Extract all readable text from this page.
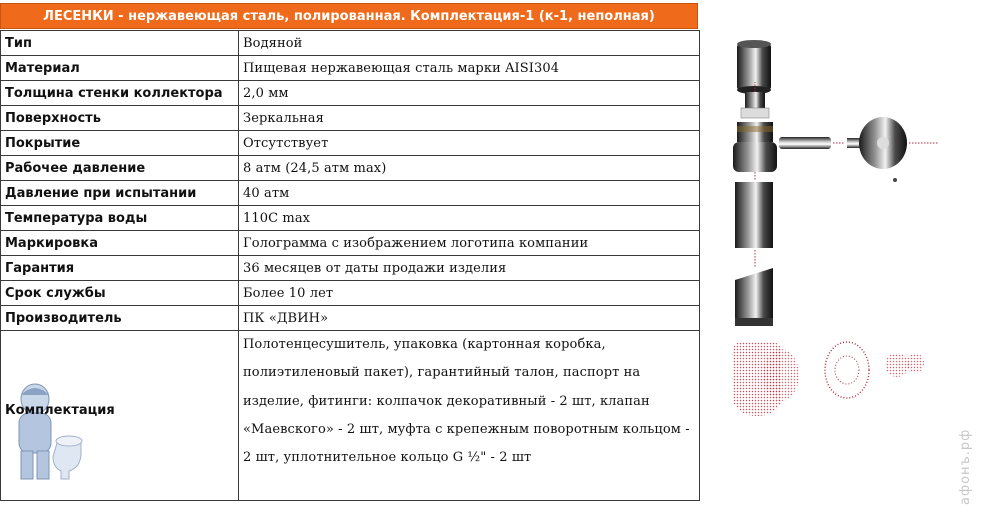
ЛЕСЕНКИ - нержавеющая сталь, полированная. Комплектация-1 (к-1, неполная)
Тип	Водяной
Материал	Пищевая нержавеющая сталь марки AISI304
Толщина стенки коллектора	2,0 мм
Поверхность	Зеркальная
Покрытие	Отсутствует
Рабочее давление	8 атм (24,5 атм max)
Давление при испытании	40 атм
Температура воды	110С max
Маркировка	Голограмма с изображением логотипа компании
Гарантия	36 месяцев от даты продажи изделия
Срок службы	Более 10 лет
Производитель	ПК «ДВИН»

Комплектация	Полотенцесушитель, упаковка (картонная коробка, полиэтиленовый пакет), гарантийный талон, паспорт на изделие, фитинги: колпачок декоративный - 2 шт, клапан «Маевского» - 2 шт, муфта с крепежным поворотным кольцом - 2 шт, уплотнительное кольцо G ½" - 2 шт	афонъ.рф
